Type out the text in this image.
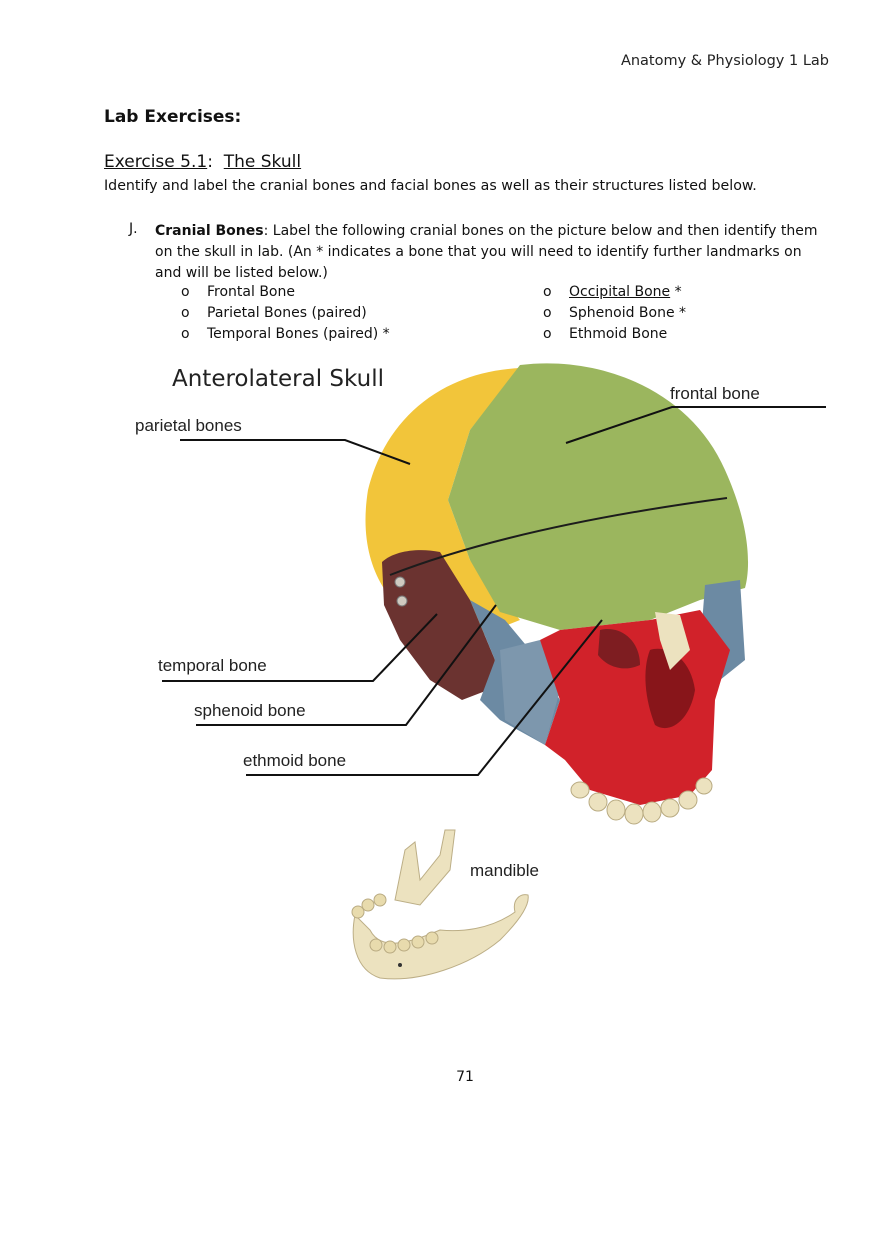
Anatomy & Physiology 1 Lab
Lab Exercises:
Exercise 5.1: The Skull
Identify and label the cranial bones and facial bones as well as their structures listed below.
J. Cranial Bones: Label the following cranial bones on the picture below and then identify them on the skull in lab. (An * indicates a bone that you will need to identify further landmarks on and will be listed below.)
o Frontal Bone
o Parietal Bones (paired)
o Temporal Bones (paired) *
o Occipital Bone *
o Sphenoid Bone *
o Ethmoid Bone
Anterolateral Skull
frontal bone
parietal bones
temporal bone
sphenoid bone
ethmoid bone
mandible
71
